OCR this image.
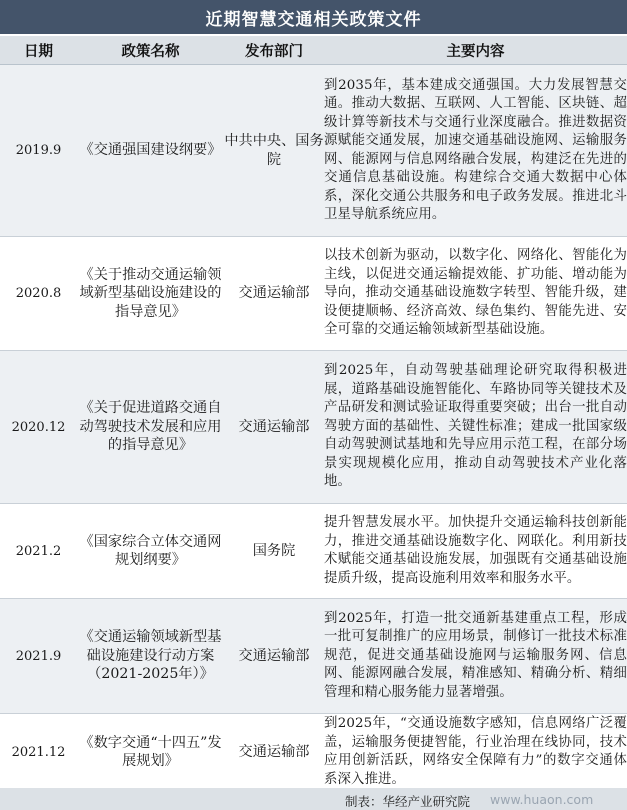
近期智慧交通相关政策文件
日期	政策名称	发布部门	主要内容
2019.9	《交通强国建设纲要》	中共中央、国务院	到2035年，基本建成交通强国。大力发展智慧交通。推动大数据、互联网、人工智能、区块链、超级计算等新技术与交通行业深度融合。推进数据资源赋能交通发展，加速交通基础设施网、运输服务网、能源网与信息网络融合发展，构建泛在先进的交通信息基础设施。构建综合交通大数据中心体系，深化交通公共服务和电子政务发展。推进北斗卫星导航系统应用。
2020.8	《关于推动交通运输领域新型基础设施建设的指导意见》	交通运输部	以技术创新为驱动，以数字化、网络化、智能化为主线，以促进交通运输提效能、扩功能、增动能为导向，推动交通基础设施数字转型、智能升级，建设便捷顺畅、经济高效、绿色集约、智能先进、安全可靠的交通运输领域新型基础设施。
2020.12	《关于促进道路交通自动驾驶技术发展和应用的指导意见》	交通运输部	到2025年，自动驾驶基础理论研究取得积极进展，道路基础设施智能化、车路协同等关键技术及产品研发和测试验证取得重要突破；出台一批自动驾驶方面的基础性、关键性标准；建成一批国家级自动驾驶测试基地和先导应用示范工程，在部分场景实现规模化应用，推动自动驾驶技术产业化落地。
2021.2	《国家综合立体交通网规划纲要》	国务院	提升智慧发展水平。加快提升交通运输科技创新能力，推进交通基础设施数字化、网联化。利用新技术赋能交通基础设施发展，加强既有交通基础设施提质升级，提高设施利用效率和服务水平。
2021.9	《交通运输领域新型基础设施建设行动方案（2021-2025年）》	交通运输部	到2025年，打造一批交通新基建重点工程，形成一批可复制推广的应用场景，制修订一批技术标准规范，促进交通基础设施网与运输服务网、信息网、能源网融合发展，精准感知、精确分析、精细管理和精心服务能力显著增强。
2021.12	《数字交通“十四五”发展规划》	交通运输部	到2025年，“交通设施数字感知，信息网络广泛覆盖，运输服务便捷智能，行业治理在线协同，技术应用创新活跃，网络安全保障有力”的数字交通体系深入推进。
制表：华经产业研究院 www.huaon.com
